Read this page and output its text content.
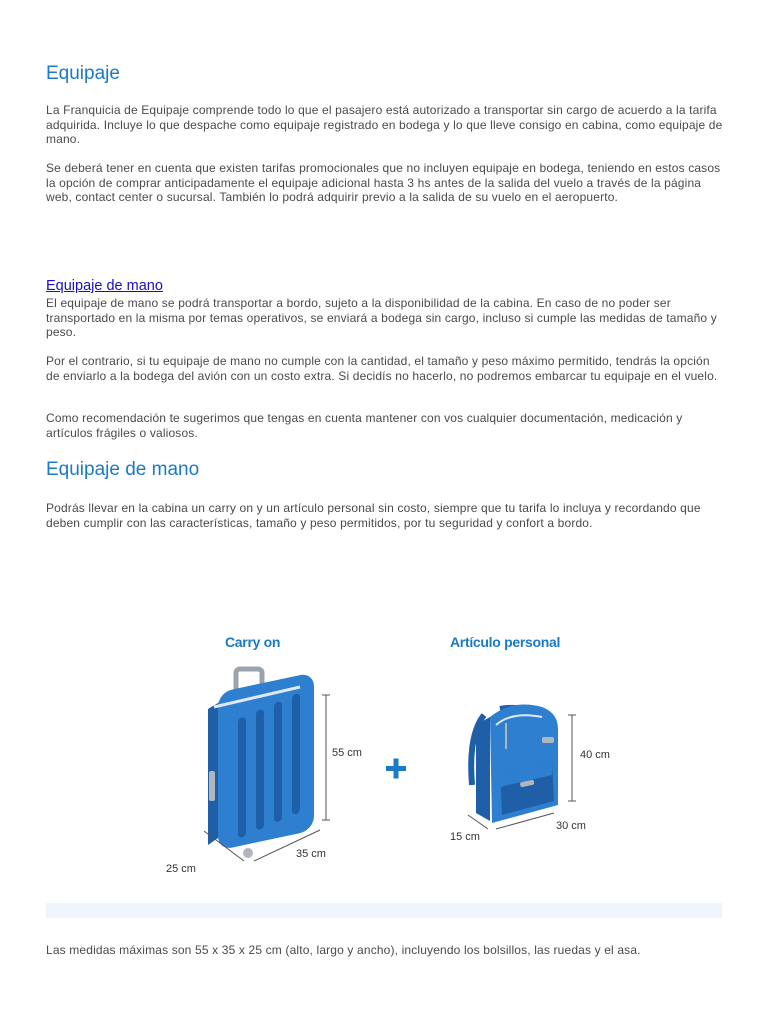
Equipaje

La Franquicia de Equipaje comprende todo lo que el pasajero está autorizado a transportar sin cargo de acuerdo a la tarifa adquirida. Incluye lo que despache como equipaje registrado en bodega y lo que lleve consigo en cabina, como equipaje de mano.

Se deberá tener en cuenta que existen tarifas promocionales que no incluyen equipaje en bodega, teniendo en estos casos la opción de comprar anticipadamente el equipaje adicional hasta 3 hs antes de la salida del vuelo a través de la página web, contact center o sucursal. También lo podrá adquirir previo a la salida de su vuelo en el aeropuerto.

Equipaje de mano

El equipaje de mano se podrá transportar a bordo, sujeto a la disponibilidad de la cabina. En caso de no poder ser transportado en la misma por temas operativos, se enviará a bodega sin cargo, incluso si cumple las medidas de tamaño y peso.

Por el contrario, si tu equipaje de mano no cumple con la cantidad, el tamaño y peso máximo permitido, tendrás la opción de enviarlo a la bodega del avión con un costo extra. Si decidís no hacerlo, no podremos embarcar tu equipaje en el vuelo.

Como recomendación te sugerimos que tengas en cuenta mantener con vos cualquier documentación, medicación y artículos frágiles o valiosos.

Equipaje de mano

Podrás llevar en la cabina un carry on y un artículo personal sin costo, siempre que tu tarifa lo incluya y recordando que deben cumplir con las características, tamaño y peso permitidos, por tu seguridad y confort a bordo.

Carry on	Artículo personal
55 cm
35 cm
25 cm
40 cm
30 cm
15 cm

Las medidas máximas son 55 x 35 x 25 cm (alto, largo y ancho), incluyendo los bolsillos, las ruedas y el asa.
